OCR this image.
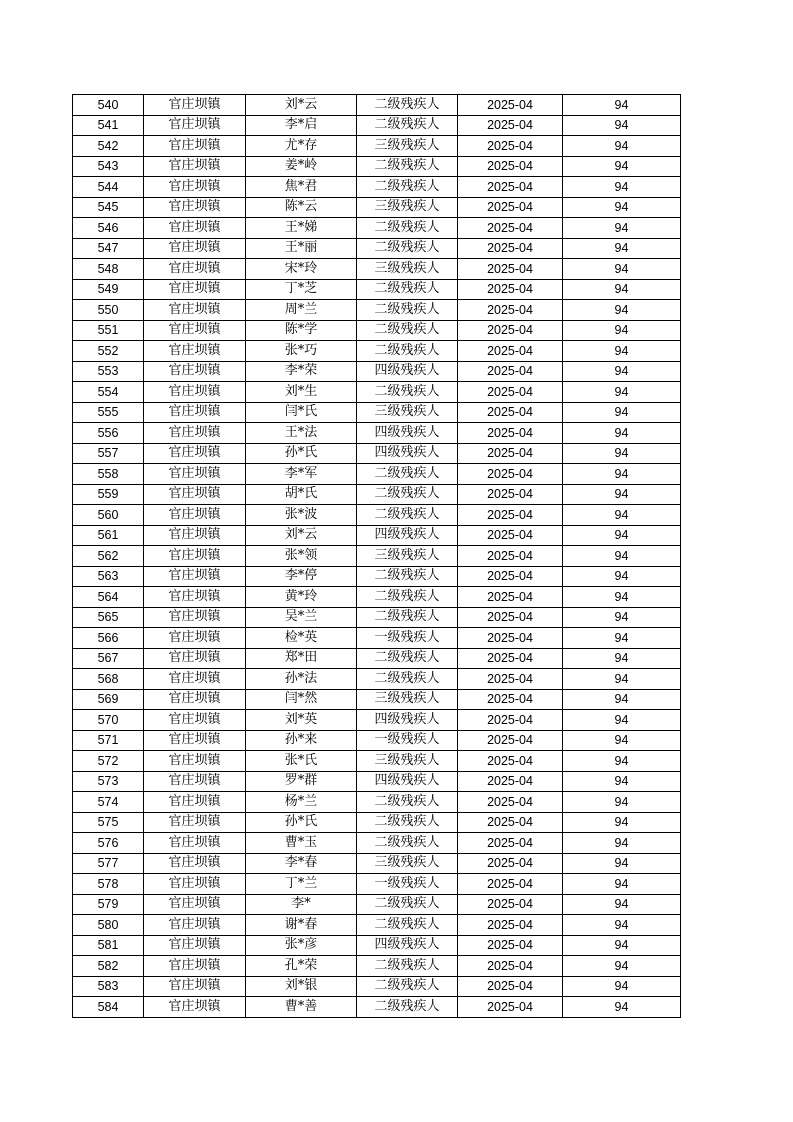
540	官庄坝镇	刘*云	二级残疾人	2025-04	94
541	官庄坝镇	李*启	二级残疾人	2025-04	94
542	官庄坝镇	尤*存	三级残疾人	2025-04	94
543	官庄坝镇	姜*岭	二级残疾人	2025-04	94
544	官庄坝镇	焦*君	二级残疾人	2025-04	94
545	官庄坝镇	陈*云	三级残疾人	2025-04	94
546	官庄坝镇	王*娣	二级残疾人	2025-04	94
547	官庄坝镇	王*丽	二级残疾人	2025-04	94
548	官庄坝镇	宋*玲	三级残疾人	2025-04	94
549	官庄坝镇	丁*芝	二级残疾人	2025-04	94
550	官庄坝镇	周*兰	二级残疾人	2025-04	94
551	官庄坝镇	陈*学	二级残疾人	2025-04	94
552	官庄坝镇	张*巧	二级残疾人	2025-04	94
553	官庄坝镇	李*荣	四级残疾人	2025-04	94
554	官庄坝镇	刘*生	二级残疾人	2025-04	94
555	官庄坝镇	闫*氏	三级残疾人	2025-04	94
556	官庄坝镇	王*法	四级残疾人	2025-04	94
557	官庄坝镇	孙*氏	四级残疾人	2025-04	94
558	官庄坝镇	李*军	二级残疾人	2025-04	94
559	官庄坝镇	胡*氏	二级残疾人	2025-04	94
560	官庄坝镇	张*波	二级残疾人	2025-04	94
561	官庄坝镇	刘*云	四级残疾人	2025-04	94
562	官庄坝镇	张*领	三级残疾人	2025-04	94
563	官庄坝镇	李*停	二级残疾人	2025-04	94
564	官庄坝镇	黄*玲	二级残疾人	2025-04	94
565	官庄坝镇	吴*兰	二级残疾人	2025-04	94
566	官庄坝镇	检*英	一级残疾人	2025-04	94
567	官庄坝镇	郑*田	二级残疾人	2025-04	94
568	官庄坝镇	孙*法	二级残疾人	2025-04	94
569	官庄坝镇	闫*然	三级残疾人	2025-04	94
570	官庄坝镇	刘*英	四级残疾人	2025-04	94
571	官庄坝镇	孙*来	一级残疾人	2025-04	94
572	官庄坝镇	张*氏	三级残疾人	2025-04	94
573	官庄坝镇	罗*群	四级残疾人	2025-04	94
574	官庄坝镇	杨*兰	二级残疾人	2025-04	94
575	官庄坝镇	孙*氏	二级残疾人	2025-04	94
576	官庄坝镇	曹*玉	二级残疾人	2025-04	94
577	官庄坝镇	李*春	三级残疾人	2025-04	94
578	官庄坝镇	丁*兰	一级残疾人	2025-04	94
579	官庄坝镇	李*	二级残疾人	2025-04	94
580	官庄坝镇	谢*春	二级残疾人	2025-04	94
581	官庄坝镇	张*彦	四级残疾人	2025-04	94
582	官庄坝镇	孔*荣	二级残疾人	2025-04	94
583	官庄坝镇	刘*银	二级残疾人	2025-04	94
584	官庄坝镇	曹*善	二级残疾人	2025-04	94
